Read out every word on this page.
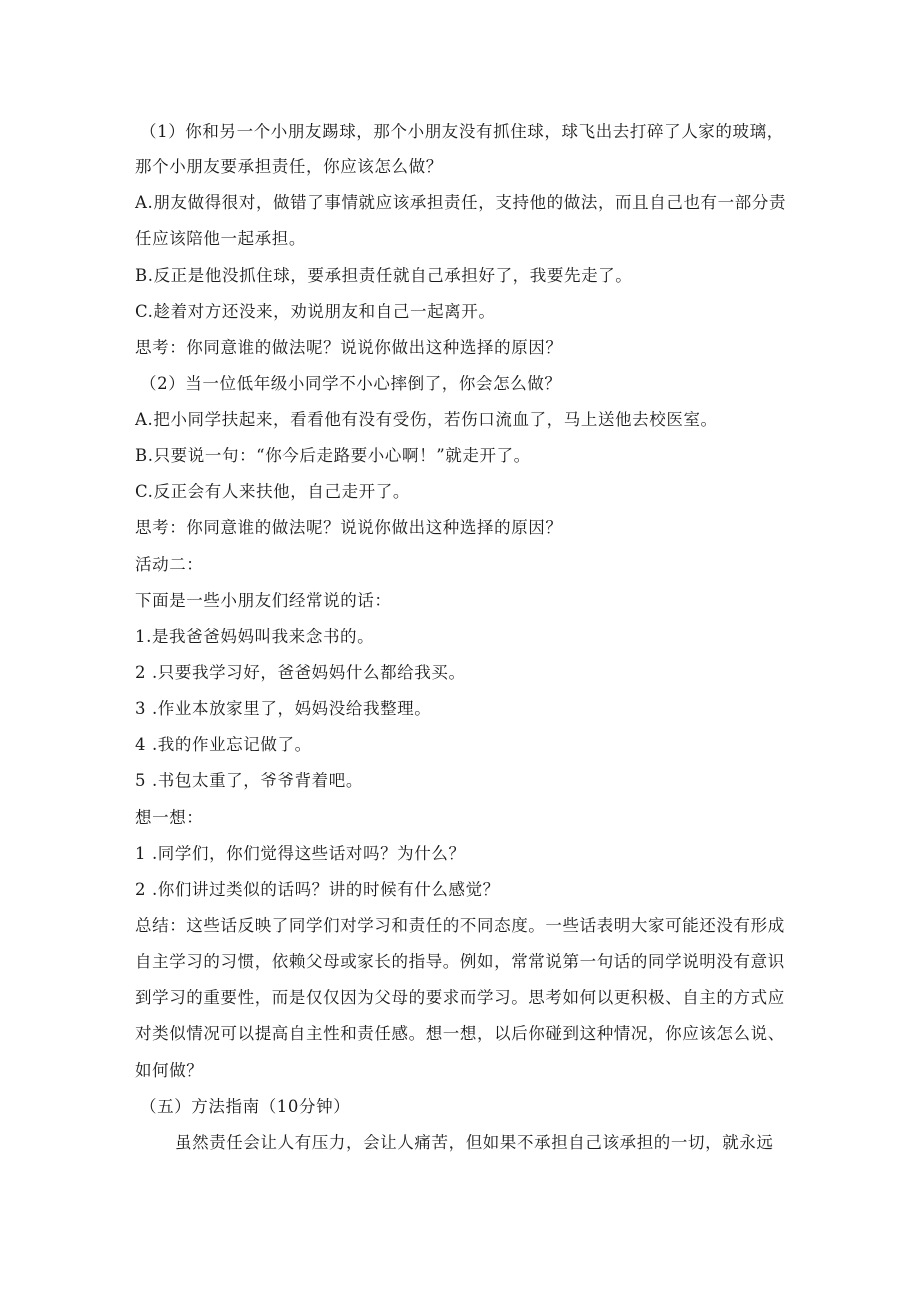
（1）你和另一个小朋友踢球，那个小朋友没有抓住球，球飞出去打碎了人家的玻璃，
那个小朋友要承担责任，你应该怎么做？
A.朋友做得很对，做错了事情就应该承担责任，支持他的做法，而且自己也有一部分责
任应该陪他一起承担。
B.反正是他没抓住球，要承担责任就自己承担好了，我要先走了。
C.趁着对方还没来，劝说朋友和自己一起离开。
思考：你同意谁的做法呢？说说你做出这种选择的原因？
（2）当一位低年级小同学不小心摔倒了，你会怎么做？
A.把小同学扶起来，看看他有没有受伤，若伤口流血了，马上送他去校医室。
B.只要说一句：“你今后走路要小心啊！”就走开了。
C.反正会有人来扶他，自己走开了。
思考：你同意谁的做法呢？说说你做出这种选择的原因？
活动二：
下面是一些小朋友们经常说的话：
1.是我爸爸妈妈叫我来念书的。
2 .只要我学习好，爸爸妈妈什么都给我买。
3 .作业本放家里了，妈妈没给我整理。
4 .我的作业忘记做了。
5 .书包太重了，爷爷背着吧。
想一想：
1 .同学们，你们觉得这些话对吗？为什么？
2 .你们讲过类似的话吗？讲的时候有什么感觉？
总结：这些话反映了同学们对学习和责任的不同态度。一些话表明大家可能还没有形成
自主学习的习惯，依赖父母或家长的指导。例如，常常说第一句话的同学说明没有意识
到学习的重要性，而是仅仅因为父母的要求而学习。思考如何以更积极、自主的方式应
对类似情况可以提高自主性和责任感。想一想，以后你碰到这种情况，你应该怎么说、
如何做？
（五）方法指南（10分钟）
虽然责任会让人有压力，会让人痛苦，但如果不承担自己该承担的一切，就永远
